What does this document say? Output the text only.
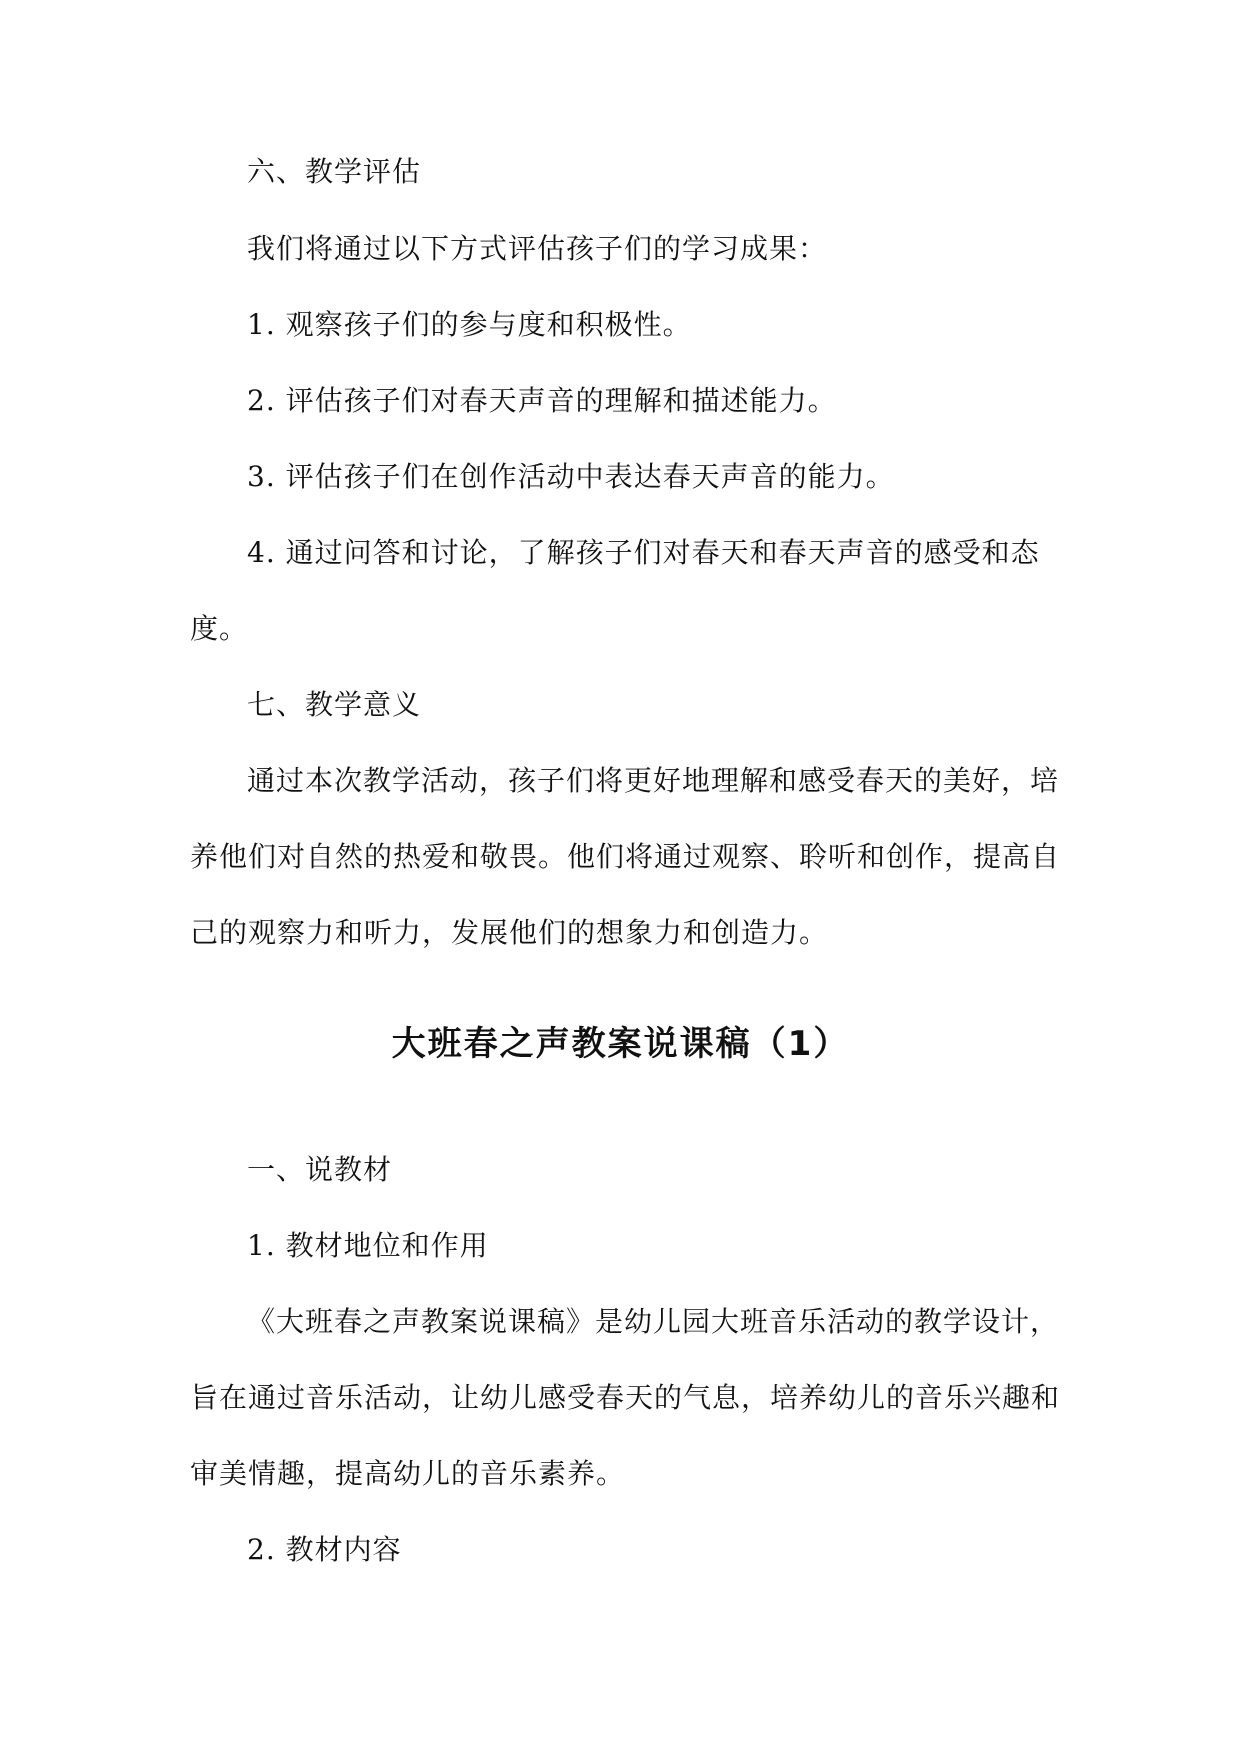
六、教学评估
我们将通过以下方式评估孩子们的学习成果：
1. 观察孩子们的参与度和积极性。
2. 评估孩子们对春天声音的理解和描述能力。
3. 评估孩子们在创作活动中表达春天声音的能力。
4. 通过问答和讨论，了解孩子们对春天和春天声音的感受和态
度。
七、教学意义
通过本次教学活动，孩子们将更好地理解和感受春天的美好，培
养他们对自然的热爱和敬畏。他们将通过观察、聆听和创作，提高自
己的观察力和听力，发展他们的想象力和创造力。
大班春之声教案说课稿（1）
一、说教材
1. 教材地位和作用
《大班春之声教案说课稿》是幼儿园大班音乐活动的教学设计，
旨在通过音乐活动，让幼儿感受春天的气息，培养幼儿的音乐兴趣和
审美情趣，提高幼儿的音乐素养。
2. 教材内容
